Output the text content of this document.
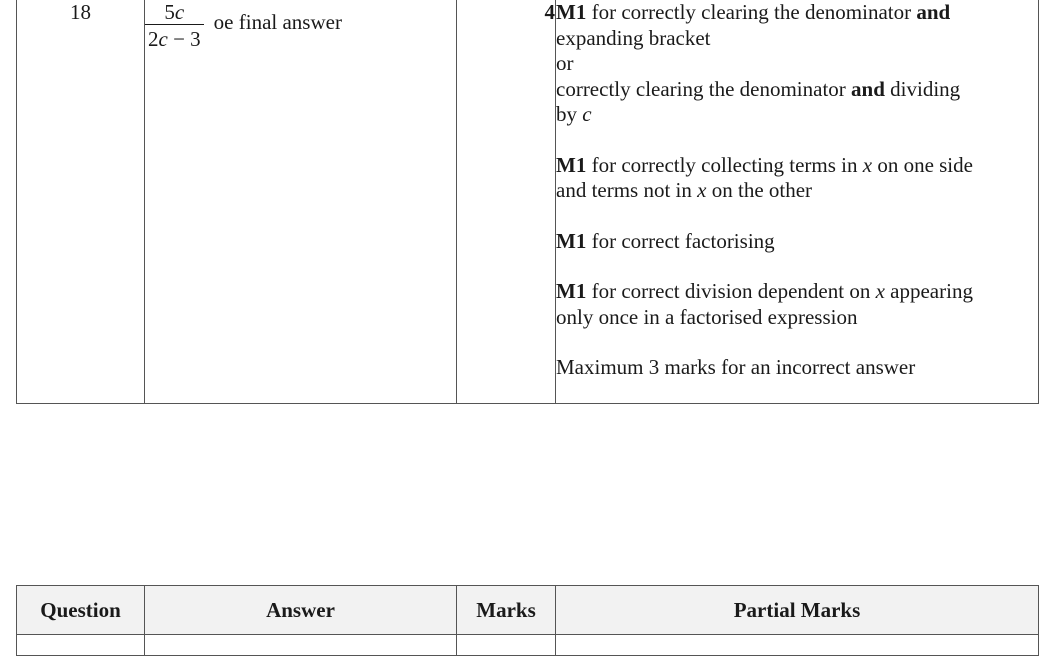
18	$\frac{5c}{2c - 3}$ oe final answer	4	M1 for correctly clearing the denominator and

expanding bracket

or

correctly clearing the denominator and dividing

by c

M1 for correctly collecting terms in x on one side

and terms not in x on the other

M1 for correct factorising

M1 for correct division dependent on x appearing

only once in a factorised expression

Maximum 3 marks for an incorrect answer

Question	Answer	Marks	Partial Marks
